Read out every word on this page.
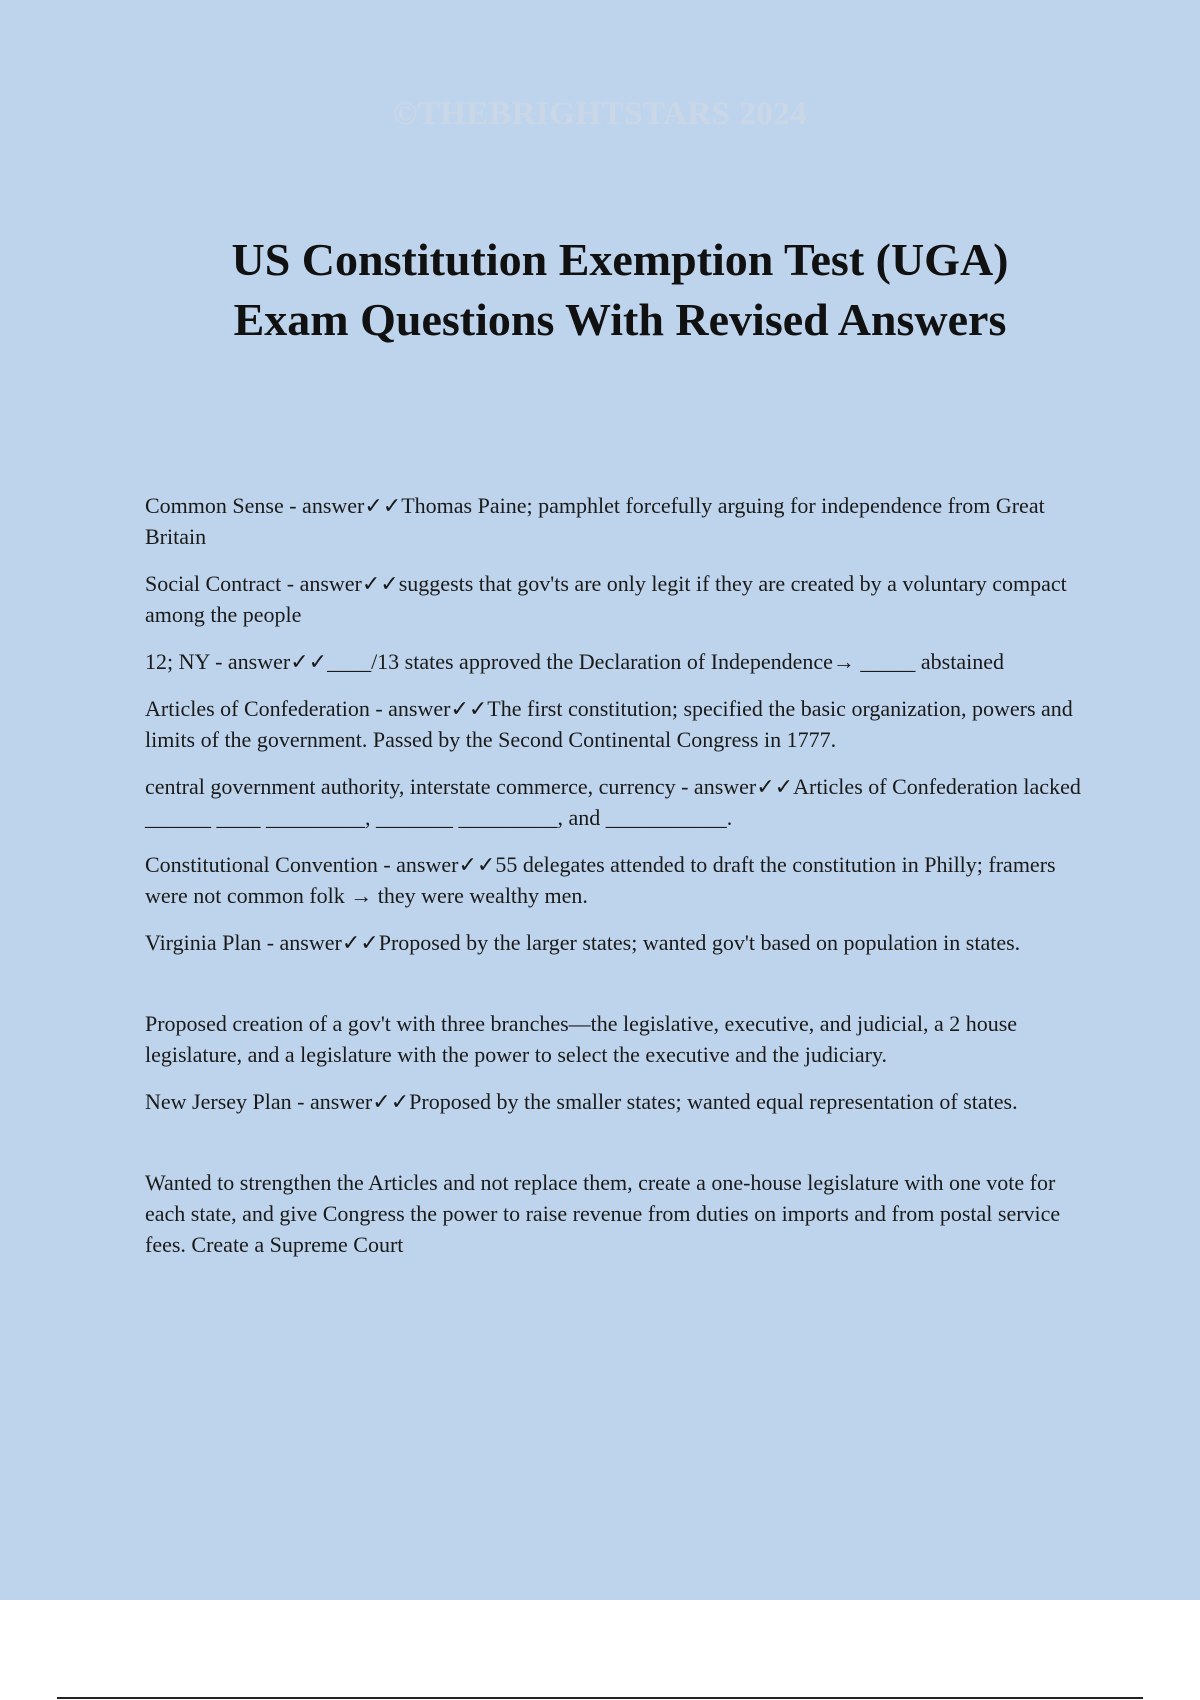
©THEBRIGHTSTARS 2024
US Constitution Exemption Test (UGA)
Exam Questions With Revised Answers

Common Sense - answer✓✓Thomas Paine; pamphlet forcefully arguing for independence from Great Britain

Social Contract - answer✓✓suggests that gov'ts are only legit if they are created by a voluntary compact among the people

12; NY - answer✓✓____/13 states approved the Declaration of Independence→ _____ abstained

Articles of Confederation - answer✓✓The first constitution; specified the basic organization, powers and limits of the government. Passed by the Second Continental Congress in 1777.

central government authority, interstate commerce, currency - answer✓✓Articles of Confederation lacked ______ ____ _________, _______ _________, and ___________.

Constitutional Convention - answer✓✓55 delegates attended to draft the constitution in Philly; framers were not common folk → they were wealthy men.

Virginia Plan - answer✓✓Proposed by the larger states; wanted gov't based on population in states.

Proposed creation of a gov't with three branches—the legislative, executive, and judicial, a 2 house legislature, and a legislature with the power to select the executive and the judiciary.

New Jersey Plan - answer✓✓Proposed by the smaller states; wanted equal representation of states.

Wanted to strengthen the Articles and not replace them, create a one-house legislature with one vote for each state, and give Congress the power to raise revenue from duties on imports and from postal service fees. Create a Supreme Court
